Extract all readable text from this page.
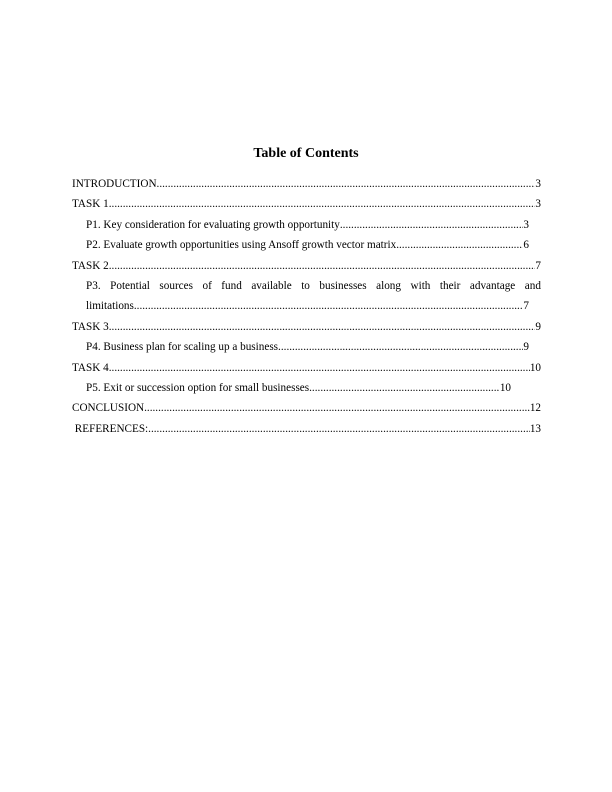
Table of Contents
INTRODUCTION .....	3
TASK 1 .....	3
P1. Key consideration for evaluating growth opportunity .....	3
P2. Evaluate growth opportunities using Ansoff growth vector matrix .....	6
TASK 2 .....	7
P3. Potential sources of fund available to businesses along with their advantage and
limitations .....	7
TASK 3 .....	9
P4. Business plan for scaling up a business .....	9
TASK 4 .....	10
P5. Exit or succession option for small businesses .....	10
CONCLUSION .....	12
REFERENCES: .....	13
